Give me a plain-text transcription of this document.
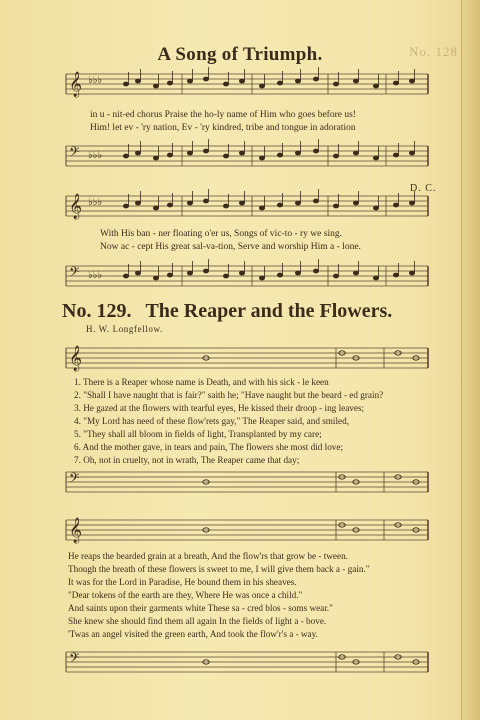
No. 128
A Song of Triumph.
𝄞 ♭♭♭
𝄢 ♭♭♭
𝄞 ♭♭♭
𝄢 ♭♭♭
𝄞
𝄢
𝄞
𝄢
in u - nit-ed chorus Praise the ho-ly name of Him who goes before us!
Him! let ev - 'ry nation, Ev - 'ry kindred, tribe and tongue in adoration
D. C.
With His ban - ner floating o'er us, Songs of vic-to - ry we sing.
Now ac - cept His great sal-va-tion, Serve and worship Him a - lone.
No. 129. The Reaper and the Flowers.
H. W. Longfellow.
1. There is a Reaper whose name is Death, and with his sick - le keen
2. "Shall I have naught that is fair?" saith he; "Have naught but the beard - ed grain?
3. He gazed at the flowers with tearful eyes, He kissed their droop - ing leaves;
4. "My Lord has need of these flow'rets gay," The Reaper said, and smiled,
5. "They shall all bloom in fields of light, Transplanted by my care;
6. And the mother gave, in tears and pain, The flowers she most did love;
7. Oh, not in cruelty, not in wrath, The Reaper came that day;
He reaps the bearded grain at a breath, And the flow'rs that grow be - tween.
Though the breath of these flowers is sweet to me, I will give them back a - gain."
It was for the Lord in Paradise, He bound them in his sheaves.
"Dear tokens of the earth are they, Where He was once a child."
And saints upon their garments white These sa - cred blos - soms wear."
She knew she should find them all again In the fields of light a - bove.
'Twas an angel visited the green earth, And took the flow'r's a - way.
